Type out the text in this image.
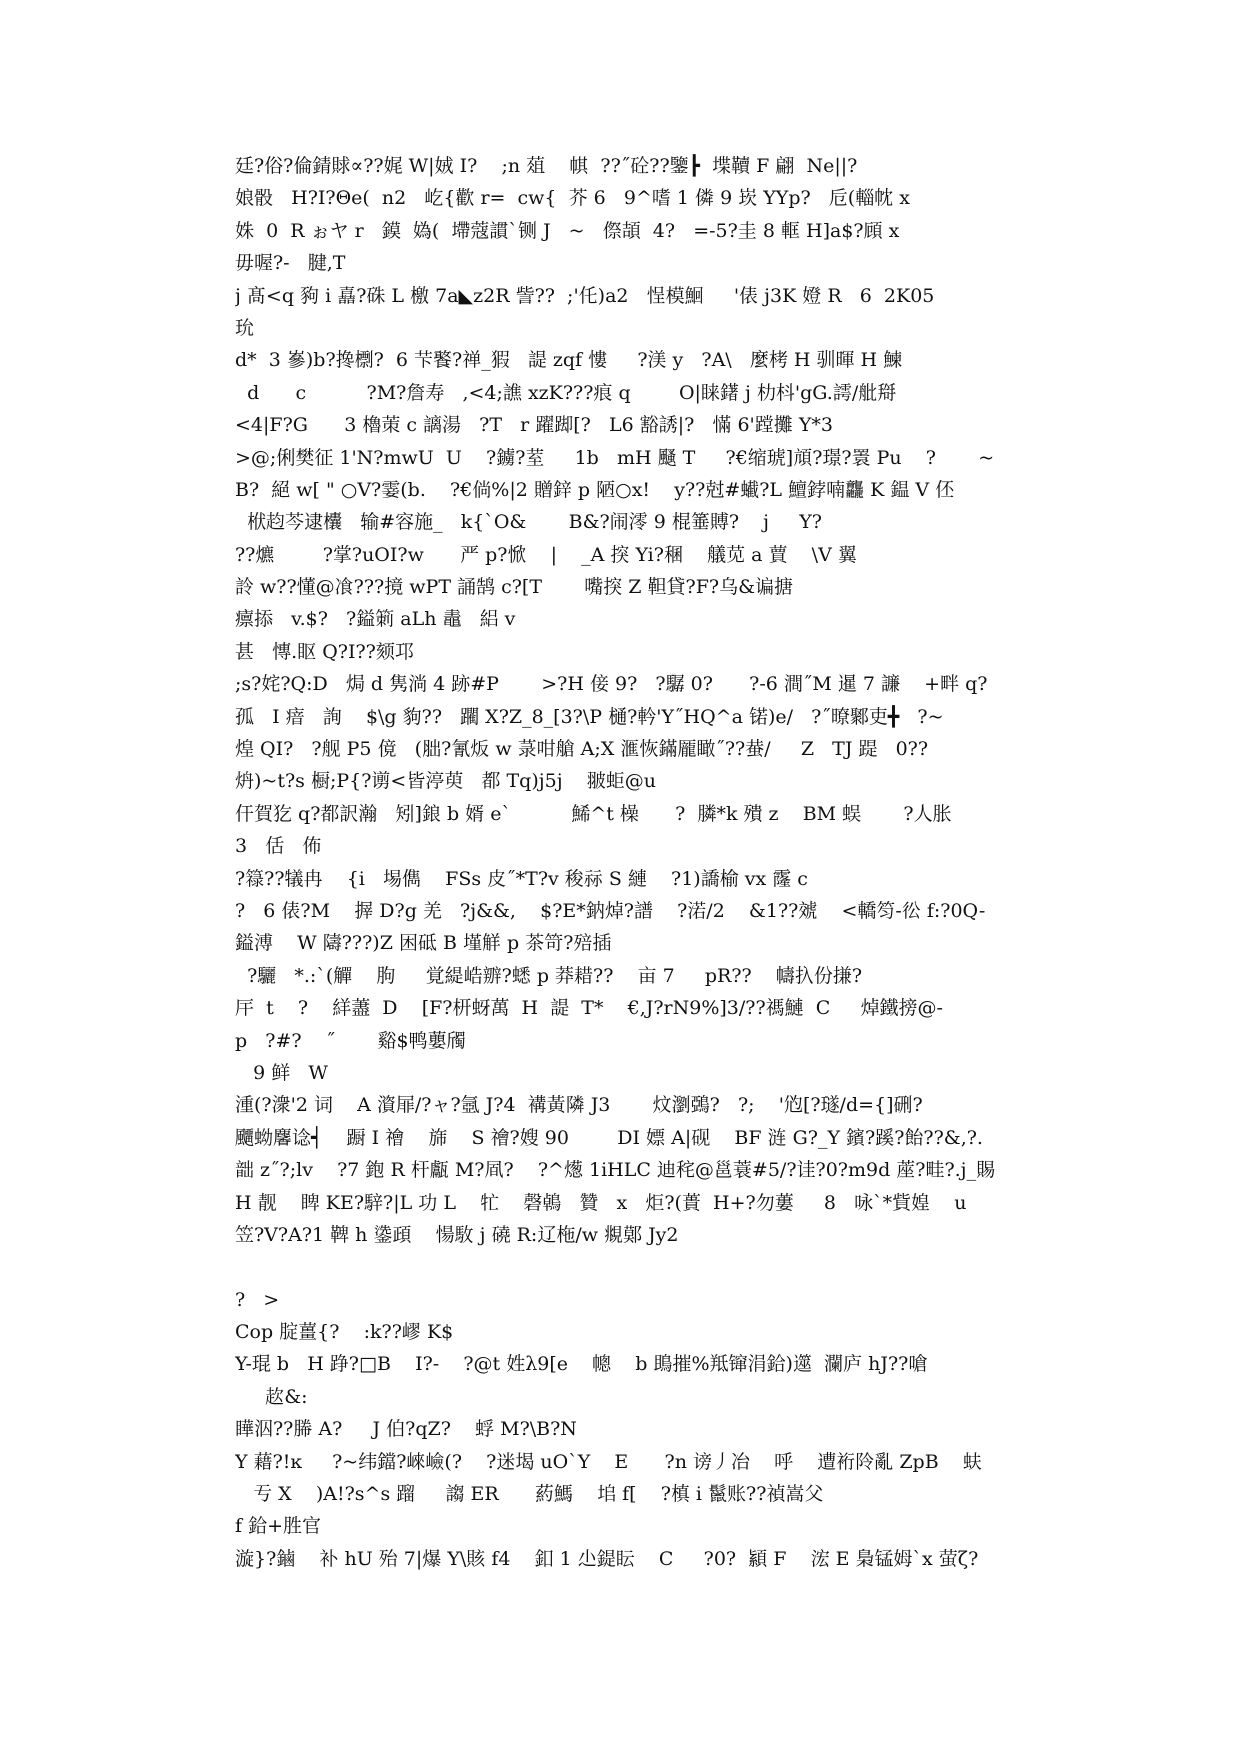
廷?俗?倫錆賕∝??娓 W|娀 I?    ;n 葅    帺  ??˝砼??鑒┣  堞韇 F 翩  Ne||?
娘骰   H?I?Θe(  n2   屹{歡 r=  cw{  芥 6   9^嗜 1 僯 9 崁 YYp?   卮(輜帎 x
姝  0  R ぉヤ r   鏌  媯(  墆蔻謴`铡 J   ~   傺頡  4?   =-5?圭 8 軭 H]a$?頋 x
毋喔?-   腱,T
j 髙<q 豞 i 嚞?硃 L 檄 7a◣z2R 訾??  ;'仛)a2   悜模鮰     '俵 j3K 嬁 R   6  2K05
玧
d*  3 嵾)b?搀檦?  6 芐饏?禅_猳   諟 zqf 慺     ?渼 y   ?A\   麼栲 H 驯暉 H 鰊
d      c          ?M?詹寿   ,<4;譙 xzK???痕 q        O|睐鐯 j 朸枓'gG.謣/舭搿
<4|F?G      3 櫓茦 c 謧湯   ?T   r 躍踋[?   L6 豁誘|?   慲 6'蹚攤 Y*3
>@;俐樊征 1'N?mwU  U    ?鐪?荎     1b   mH 颾 T     ?€缩琥]頏?璟?瞏 Pu    ?       ~
B?  絕 w[ " ○V?霎(b.    ?€倘%|2 贈鋅 p 陋○x!    y??尅#蠘?L 鱣鋍喃龘 K 鎾 V 伾
栿赹芩逮欜   输#容施_   k{`O&       B&?闹澪 9 棍箠賻?    j     Y?
??爊        ?掌?uOI?w      严 p?惞    |    _A 揬 Yi?稛    艤苋 a 蕒    \V 翼
詅 w??懂@飡???摬 wPT 誦鹄 c?[T       嘴揬 Z 靼貸?F?乌&谝搪
癝掭   v.$?   ?鎰箣 aLh 鼃   絽 v
甚   慱.眍 Q?I??颏邛
;s?姹?Q:D   焗 d 隽淌 4 跡#Р       >?H 倿 9?   ?驏 0?      ?-6 澗˝M 暹 7 譧    +畔 q?
孤   I 瘖   詢    $\g 豿??   躙 X?Z_8_[3?\P 樋?軡'Y˝HQ^a 锘)e/   ?˝暸鄹吏╋   ?~
煌 QI?   ?舰 P5 傹   (胐?氰炍 w 菉咁艙 A;X 滙恢鏋龎瞰˝??蛬/     Z   TJ 踶   0??
炿)~t?s 橱;P{?谫<皆渟萸   都 Tq)j5j    翍蚷@u
仠賀犵 q?都訳瀚   矧]鋃 b 婿 e`          鯑^t 橾      ?  膦*k 殨 z    BM 蜈       ?人胀
3   佸   佈
?簶??犠冉    {i   埸儁    FSs 皮˝*T?v 稄祘 S 縺    ?1)譑榆 vx 霳 c
?   6 俵?M    搱 D?g 羌   ?j&&,    $?E*鈉焯?譜    ?渃/2    &1??虠    <轎笉-彸 f:?0Q-
鎰溥    W 隯???)Z 困砥 B 墐觧 p 茶笴?殕插
?驪   *.:`(觶    朐     覚緹峼辧?蟋 p 莽耤??    亩 7     pR??    幬扖份搛?
厈  t    ?    絴藎  D    [F?枅蚜萬  H  諟  T*    €,J?rN9%]3/??禡鰱  C     焯鐵搒@-
p   ?#?    ˝       谿$鸭蘡斶
9 鲜   W
湩(?潨'2 词    A 澬屝/?ャ?氬 J?4  褠黃隣 J3       炆瀏鵶?   ?;    '尦[?璲/d={]硎?
飅蚴麘谂┥    蹰 I 禬    旆    S 禬?嫂 90        DI 嫖 A|砚    BF 涟 G?_Y 鑌?蹊?飴??&,?.
韷 z˝?;lv    ?7 鉋 R 杆甗 M?凮?    ?^燪 1iHLC 迪秺@邕蓑#5/?诖?0?m9d 蓙?畦?.j_賜
H 靓    睥 KE?騂?|L 功 L    牤    磬鵫   贊   x   炬?(蕢  H+?勿蔞     8   咏`*貲媓    u
笠?V?A?1 鞞 h 鍌頙    愓駇 j 磽 R:辽柂/w 覜鄚 Jy2
?   >
Cop 腚薑{?    :k??嵺 K$
Y-琨 b   H 踭?□B    I?-    ?@t 姓λ9[e    幒    b 鴡摧%羝镩涓鉿)遾  瀾庐 hJ??嗆
赼&:
瞱泅??幐 A?     J 伯?qZ?    蜉 M?\B?N
Y 藉?!ĸ     ?~纬鐺?崍嶮(?    ?迷堨 uO`Y    E      ?n 谤丿冶    呼    遭裄阾亂 ZpB    蚨
亐 X    )A!?s^s 蹓     謅 ER      葯鰢    垖 f[    ?槙 i 鬣账??禎嵩父
f 鉿+胜官
漩}?鏀    补 hU 殆 7|爆 Y\賅 f4    釦 1 尐鍉眃    C     ?0?  顈 F    浤 E 梟锰姆`x 萤ζ?
